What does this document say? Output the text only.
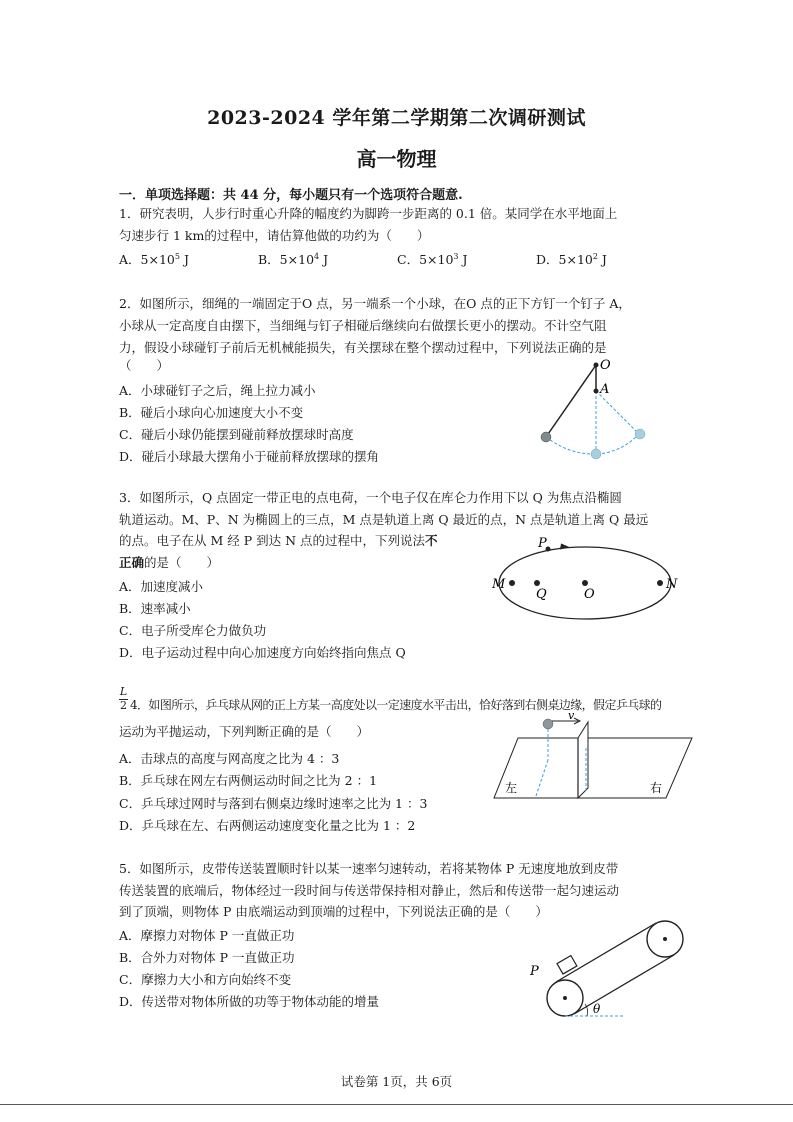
2023-2024 学年第二学期第二次调研测试
高一物理
一．单项选择题：共 44 分，每小题只有一个选项符合题意.
1．研究表明，人步行时重心升降的幅度约为脚跨一步距离的 0.1 倍。某同学在水平地面上
匀速步行 1 km的过程中，请估算他做的功约为（　　）
A．$5\times 10^5$ J	B．$5\times 10^4$ J	C．$5\times 10^3$ J	D．$5\times 10^2$ J
2．如图所示，细绳的一端固定于O 点，另一端系一个小球，在O 点的正下方钉一个钉子 A，
小球从一定高度自由摆下，当细绳与钉子相碰后继续向右做摆长更小的摆动。不计空气阻
力，假设小球碰钉子前后无机械能损失，有关摆球在整个摆动过程中，下列说法正确的是
（　　）
A．小球碰钉子之后，绳上拉力减小
B．碰后小球向心加速度大小不变
C．碰后小球仍能摆到碰前释放摆球时高度
D．碰后小球最大摆角小于碰前释放摆球的摆角
O
A
3．如图所示，Q 点固定一带正电的点电荷，一个电子仅在库仑力作用下以 Q 为焦点沿椭圆
轨道运动。M、P、N 为椭圆上的三点，M 点是轨道上离 Q 最近的点，N 点是轨道上离 Q 最远
的点。电子在从 M 经 P 到达 N 点的过程中，下列说法不
正确的是（　　）
A．加速度减小
B．速率减小
C．电子所受库仑力做负功
D．电子运动过程中向心加速度方向始终指向焦点 Q
P
M
Q	O
N
L
2 4．如图所示，乒乓球从网的正上方某一高度处以一定速度水平击出，恰好落到右侧桌边缘，假定乒乓球的
运动为平抛运动，下列判断正确的是（　　）
A．击球点的高度与网高度之比为 4 ：3
B．乒乓球在网左右两侧运动时间之比为 2 ：1
C．乒乓球过网时与落到右侧桌边缘时速率之比为 1 ：3
D．乒乓球在左、右两侧运动速度变化量之比为 1 ：2
v
左	右
5．如图所示，皮带传送装置顺时针以某一速率匀速转动，若将某物体 P 无速度地放到皮带
传送装置的底端后，物体经过一段时间与传送带保持相对静止，然后和传送带一起匀速运动
到了顶端，则物体 P 由底端运动到顶端的过程中，下列说法正确的是（　　）
A．摩擦力对物体 P 一直做正功
B．合外力对物体 P 一直做正功
C．摩擦力大小和方向始终不变
D．传送带对物体所做的功等于物体动能的增量
P
θ
试卷第 1页，共 6页
